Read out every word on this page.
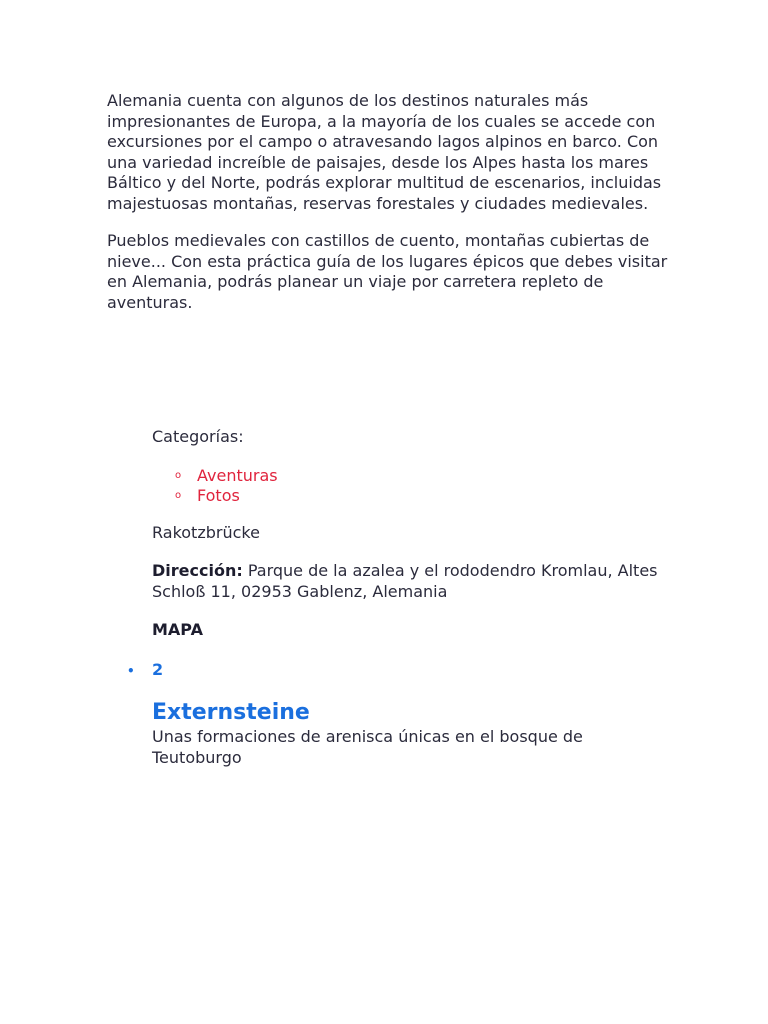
Alemania cuenta con algunos de los destinos naturales más impresionantes de Europa, a la mayoría de los cuales se accede con excursiones por el campo o atravesando lagos alpinos en barco. Con una variedad increíble de paisajes, desde los Alpes hasta los mares Báltico y del Norte, podrás explorar multitud de escenarios, incluidas majestuosas montañas, reservas forestales y ciudades medievales.

Pueblos medievales con castillos de cuento, montañas cubiertas de nieve... Con esta práctica guía de los lugares épicos que debes visitar en Alemania, podrás planear un viaje por carretera repleto de aventuras.

Categorías:

o Aventuras
o Fotos

Rakotzbrücke

Dirección: Parque de la azalea y el rododendro Kromlau, Altes Schloß 11, 02953 Gablenz, Alemania

MAPA

• 2
Externsteine

Unas formaciones de arenisca únicas en el bosque de Teutoburgo
